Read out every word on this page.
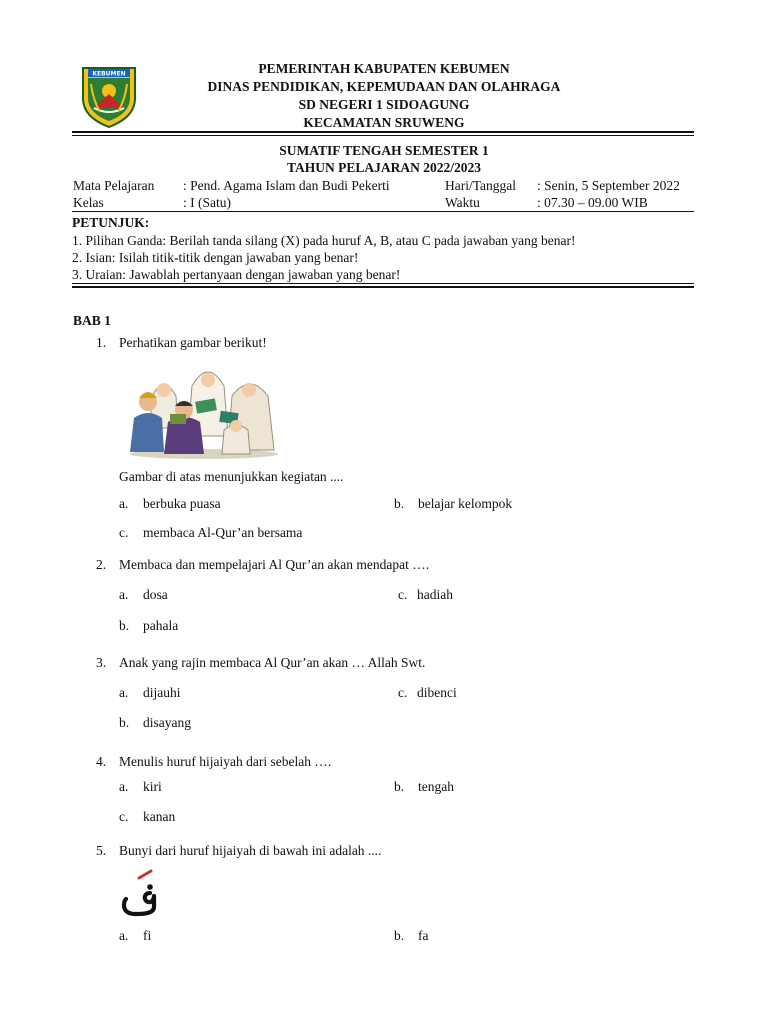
KEBUMEN	PEMERINTAH KABUPATEN KEBUMEN
DINAS PENDIDIKAN, KEPEMUDAAN DAN OLAHRAGA
SD NEGERI 1 SIDOAGUNG
KECAMATAN SRUWENG
SUMATIF TENGAH SEMESTER 1
TAHUN PELAJARAN 2022/2023
Mata Pelajaran : Pend. Agama Islam dan Budi Pekerti	Hari/Tanggal : Senin, 5 September 2022
Kelas	: I (Satu)	Waktu	: 07.30 – 09.00 WIB
PETUNJUK:
1. Pilihan Ganda: Berilah tanda silang (X) pada huruf A, B, atau C pada jawaban yang benar!
2. Isian: Isilah titik-titik dengan jawaban yang benar!
3. Uraian: Jawablah pertanyaan dengan jawaban yang benar!
BAB 1
1. Perhatikan gambar berikut!
Gambar di atas menunjukkan kegiatan ....
a. berbuka puasa	b. belajar kelompok
c. membaca Al-Qur’an bersama
2. Membaca dan mempelajari Al Qur’an akan mendapat ….
a. dosa	c. hadiah
b. pahala
3. Anak yang rajin membaca Al Qur’an akan … Allah Swt.
a. dijauhi	c. dibenci
b. disayang
4. Menulis huruf hijaiyah dari sebelah ….
a. kiri	b. tengah
c. kanan
5. Bunyi dari huruf hijaiyah di bawah ini adalah ....
a. fi	b. fa
